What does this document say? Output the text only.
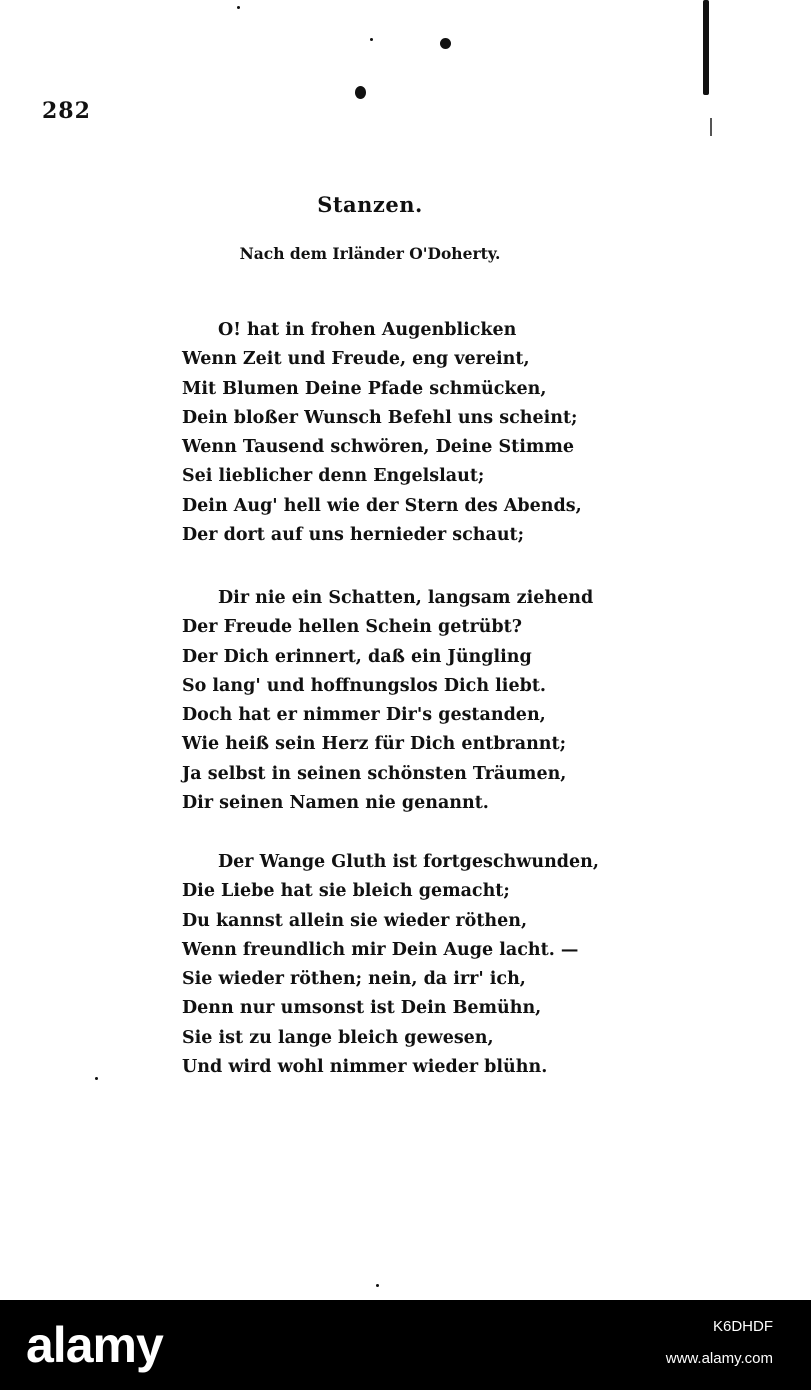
282
Stanzen.
Nach dem Irländer O'Doherty.
O! hat in frohen Augenblicken
Wenn Zeit und Freude, eng vereint,
Mit Blumen Deine Pfade schmücken,
Dein bloßer Wunsch Befehl uns scheint;
Wenn Tausend schwören, Deine Stimme
Sei lieblicher denn Engelslaut;
Dein Aug' hell wie der Stern des Abends,
Der dort auf uns hernieder schaut;
Dir nie ein Schatten, langsam ziehend
Der Freude hellen Schein getrübt?
Der Dich erinnert, daß ein Jüngling
So lang' und hoffnungslos Dich liebt.
Doch hat er nimmer Dir's gestanden,
Wie heiß sein Herz für Dich entbrannt;
Ja selbst in seinen schönsten Träumen,
Dir seinen Namen nie genannt.
Der Wange Gluth ist fortgeschwunden,
Die Liebe hat sie bleich gemacht;
Du kannst allein sie wieder röthen,
Wenn freundlich mir Dein Auge lacht. —
Sie wieder röthen; nein, da irr' ich,
Denn nur umsonst ist Dein Bemühn,
Sie ist zu lange bleich gewesen,
Und wird wohl nimmer wieder blühn.
alamy	K6DHDF
www.alamy.com
